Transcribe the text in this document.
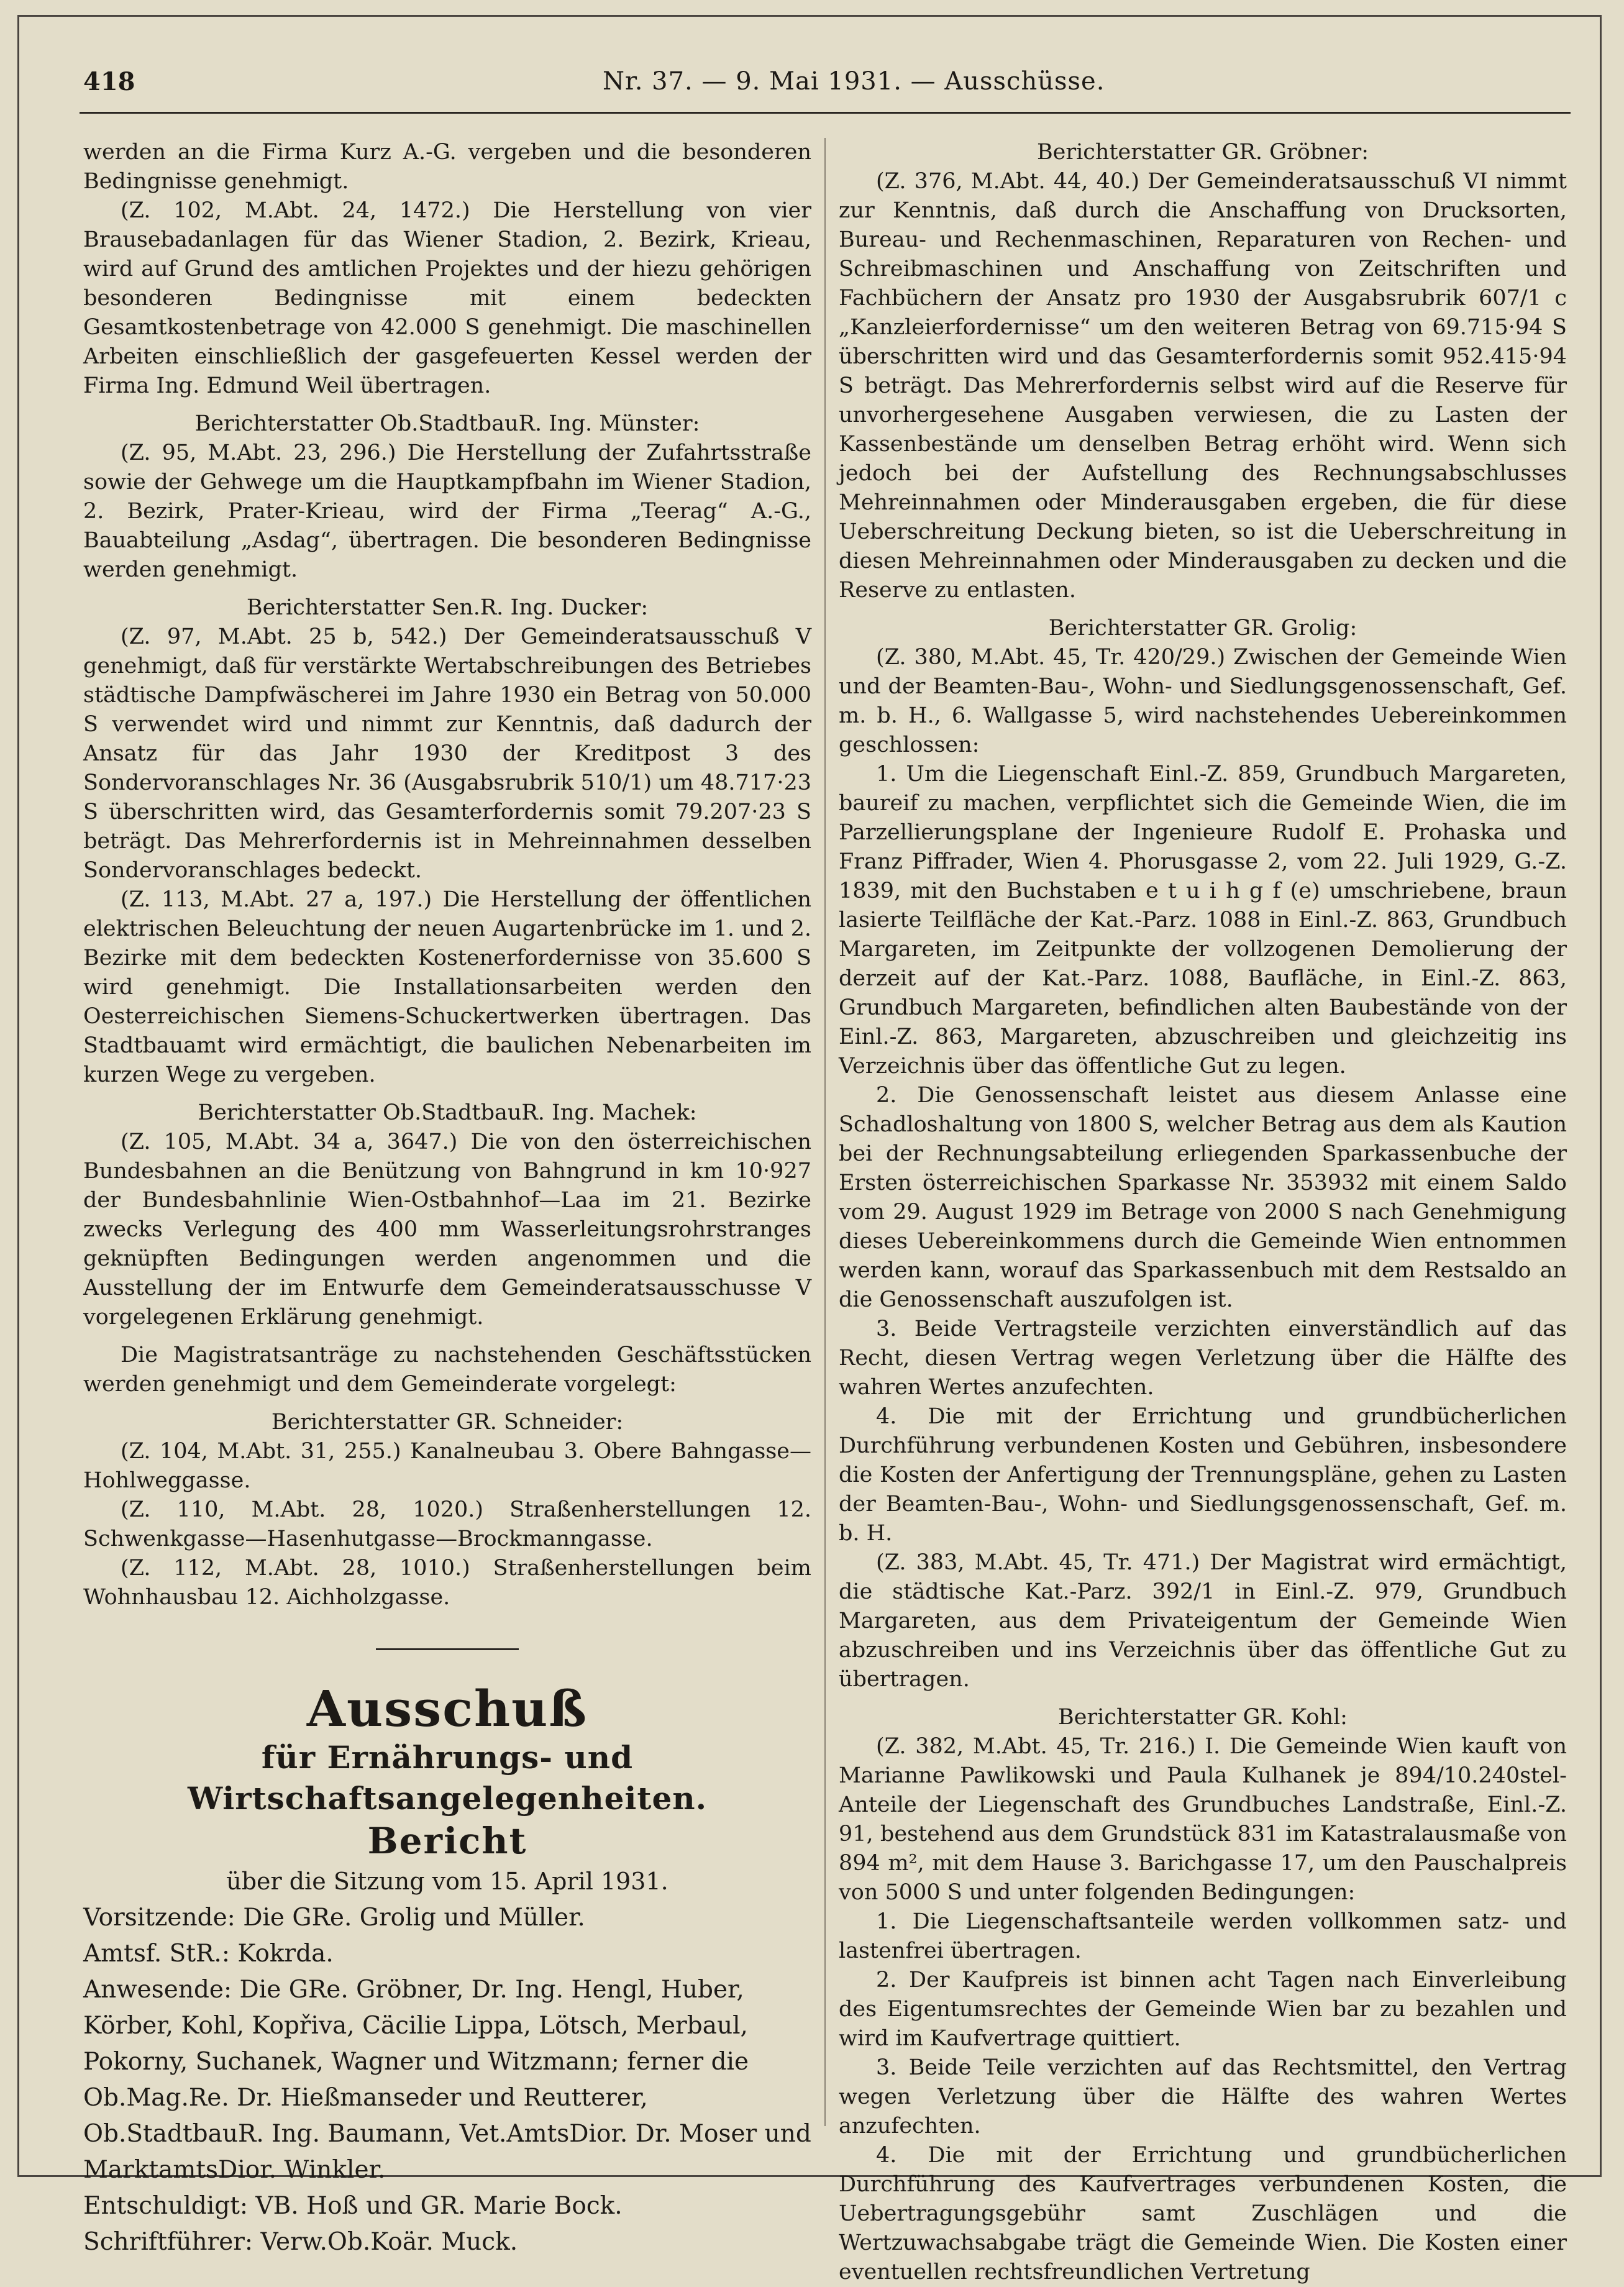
418	Nr. 37. — 9. Mai 1931. — Ausschüsse.

werden an die Firma Kurz A.-G. vergeben und die besonderen Bedingnisse genehmigt.

(Z. 102, M.Abt. 24, 1472.) Die Herstellung von vier Brausebadanlagen für das Wiener Stadion, 2. Bezirk, Krieau, wird auf Grund des amtlichen Projektes und der hiezu gehörigen besonderen Bedingnisse mit einem bedeckten Gesamtkostenbetrage von 42.000 S genehmigt. Die maschinellen Arbeiten einschließlich der gasgefeuerten Kessel werden der Firma Ing. Edmund Weil übertragen.

Berichterstatter Ob.StadtbauR. Ing. Münster:

(Z. 95, M.Abt. 23, 296.) Die Herstellung der Zufahrtsstraße sowie der Gehwege um die Hauptkampfbahn im Wiener Stadion, 2. Bezirk, Prater-Krieau, wird der Firma „Teerag“ A.-G., Bauabteilung „Asdag“, übertragen. Die besonderen Bedingnisse werden genehmigt.

Berichterstatter Sen.R. Ing. Ducker:

(Z. 97, M.Abt. 25 b, 542.) Der Gemeinderatsausschuß V genehmigt, daß für verstärkte Wertabschreibungen des Betriebes städtische Dampfwäscherei im Jahre 1930 ein Betrag von 50.000 S verwendet wird und nimmt zur Kenntnis, daß dadurch der Ansatz für das Jahr 1930 der Kreditpost 3 des Sondervoranschlages Nr. 36 (Ausgabsrubrik 510/1) um 48.717·23 S überschritten wird, das Gesamterfordernis somit 79.207·23 S beträgt. Das Mehrerfordernis ist in Mehreinnahmen desselben Sondervoranschlages bedeckt.

(Z. 113, M.Abt. 27 a, 197.) Die Herstellung der öffentlichen elektrischen Beleuchtung der neuen Augartenbrücke im 1. und 2. Bezirke mit dem bedeckten Kostenerfordernisse von 35.600 S wird genehmigt. Die Installationsarbeiten werden den Oesterreichischen Siemens-Schuckertwerken übertragen. Das Stadtbauamt wird ermächtigt, die baulichen Nebenarbeiten im kurzen Wege zu vergeben.

Berichterstatter Ob.StadtbauR. Ing. Machek:

(Z. 105, M.Abt. 34 a, 3647.) Die von den österreichischen Bundesbahnen an die Benützung von Bahngrund in km 10·927 der Bundesbahnlinie Wien-Ostbahnhof—Laa im 21. Bezirke zwecks Verlegung des 400 mm Wasserleitungsrohrstranges geknüpften Bedingungen werden angenommen und die Ausstellung der im Entwurfe dem Gemeinderatsausschusse V vorgelegenen Erklärung genehmigt.

Die Magistratsanträge zu nachstehenden Geschäftsstücken werden genehmigt und dem Gemeinderate vorgelegt:

Berichterstatter GR. Schneider:

(Z. 104, M.Abt. 31, 255.) Kanalneubau 3. Obere Bahngasse—Hohlweggasse.

(Z. 110, M.Abt. 28, 1020.) Straßenherstellungen 12. Schwenkgasse—Hasenhutgasse—Brockmanngasse.

(Z. 112, M.Abt. 28, 1010.) Straßenherstellungen beim Wohnhausbau 12. Aichholzgasse.

Ausschuß
für Ernährungs- und Wirtschaftsangelegenheiten.
Bericht
über die Sitzung vom 15. April 1931.

Vorsitzende: Die GRe. Grolig und Müller.

Amtsf. StR.: Kokrda.

Anwesende: Die GRe. Gröbner, Dr. Ing. Hengl, Huber, Körber, Kohl, Kopřiva, Cäcilie Lippa, Lötsch, Merbaul, Pokorny, Suchanek, Wagner und Witzmann; ferner die Ob.Mag.Re. Dr. Hießmanseder und Reutterer, Ob.StadtbauR. Ing. Baumann, Vet.AmtsDior. Dr. Moser und MarktamtsDior. Winkler.

Entschuldigt: VB. Hoß und GR. Marie Bock.

Schriftführer: Verw.Ob.Koär. Muck.

Berichterstatter GR. Gröbner:

(Z. 376, M.Abt. 44, 40.) Der Gemeinderatsausschuß VI nimmt zur Kenntnis, daß durch die Anschaffung von Drucksorten, Bureau- und Rechenmaschinen, Reparaturen von Rechen- und Schreibmaschinen und Anschaffung von Zeitschriften und Fachbüchern der Ansatz pro 1930 der Ausgabsrubrik 607/1 c „Kanzleierfordernisse“ um den weiteren Betrag von 69.715·94 S überschritten wird und das Gesamterfordernis somit 952.415·94 S beträgt. Das Mehrerfordernis selbst wird auf die Reserve für unvorhergesehene Ausgaben verwiesen, die zu Lasten der Kassenbestände um denselben Betrag erhöht wird. Wenn sich jedoch bei der Aufstellung des Rechnungsabschlusses Mehreinnahmen oder Minderausgaben ergeben, die für diese Ueberschreitung Deckung bieten, so ist die Ueberschreitung in diesen Mehreinnahmen oder Minderausgaben zu decken und die Reserve zu entlasten.

Berichterstatter GR. Grolig:

(Z. 380, M.Abt. 45, Tr. 420/29.) Zwischen der Gemeinde Wien und der Beamten-Bau-, Wohn- und Siedlungsgenossenschaft, Gef. m. b. H., 6. Wallgasse 5, wird nachstehendes Uebereinkommen geschlossen:

1. Um die Liegenschaft Einl.-Z. 859, Grundbuch Margareten, baureif zu machen, verpflichtet sich die Gemeinde Wien, die im Parzellierungsplane der Ingenieure Rudolf E. Prohaska und Franz Piffrader, Wien 4. Phorusgasse 2, vom 22. Juli 1929, G.-Z. 1839, mit den Buchstaben e t u i h g f (e) umschriebene, braun lasierte Teilfläche der Kat.-Parz. 1088 in Einl.-Z. 863, Grundbuch Margareten, im Zeitpunkte der vollzogenen Demolierung der derzeit auf der Kat.-Parz. 1088, Baufläche, in Einl.-Z. 863, Grundbuch Margareten, befindlichen alten Baubestände von der Einl.-Z. 863, Margareten, abzuschreiben und gleichzeitig ins Verzeichnis über das öffentliche Gut zu legen.

2. Die Genossenschaft leistet aus diesem Anlasse eine Schadloshaltung von 1800 S, welcher Betrag aus dem als Kaution bei der Rechnungsabteilung erliegenden Sparkassenbuche der Ersten österreichischen Sparkasse Nr. 353932 mit einem Saldo vom 29. August 1929 im Betrage von 2000 S nach Genehmigung dieses Uebereinkommens durch die Gemeinde Wien entnommen werden kann, worauf das Sparkassenbuch mit dem Restsaldo an die Genossenschaft auszufolgen ist.

3. Beide Vertragsteile verzichten einverständlich auf das Recht, diesen Vertrag wegen Verletzung über die Hälfte des wahren Wertes anzufechten.

4. Die mit der Errichtung und grundbücherlichen Durchführung verbundenen Kosten und Gebühren, insbesondere die Kosten der Anfertigung der Trennungspläne, gehen zu Lasten der Beamten-Bau-, Wohn- und Siedlungsgenossenschaft, Gef. m. b. H.

(Z. 383, M.Abt. 45, Tr. 471.) Der Magistrat wird ermächtigt, die städtische Kat.-Parz. 392/1 in Einl.-Z. 979, Grundbuch Margareten, aus dem Privateigentum der Gemeinde Wien abzuschreiben und ins Verzeichnis über das öffentliche Gut zu übertragen.

Berichterstatter GR. Kohl:

(Z. 382, M.Abt. 45, Tr. 216.) I. Die Gemeinde Wien kauft von Marianne Pawlikowski und Paula Kulhanek je 894/10.240stel-Anteile der Liegenschaft des Grundbuches Landstraße, Einl.-Z. 91, bestehend aus dem Grundstück 831 im Katastralausmaße von 894 m², mit dem Hause 3. Barichgasse 17, um den Pauschalpreis von 5000 S und unter folgenden Bedingungen:

1. Die Liegenschaftsanteile werden vollkommen satz- und lastenfrei übertragen.

2. Der Kaufpreis ist binnen acht Tagen nach Einverleibung des Eigentumsrechtes der Gemeinde Wien bar zu bezahlen und wird im Kaufvertrage quittiert.

3. Beide Teile verzichten auf das Rechtsmittel, den Vertrag wegen Verletzung über die Hälfte des wahren Wertes anzufechten.

4. Die mit der Errichtung und grundbücherlichen Durchführung des Kaufvertrages verbundenen Kosten, die Uebertragungsgebühr samt Zuschlägen und die Wertzuwachsabgabe trägt die Gemeinde Wien. Die Kosten einer eventuellen rechtsfreundlichen Vertretung
